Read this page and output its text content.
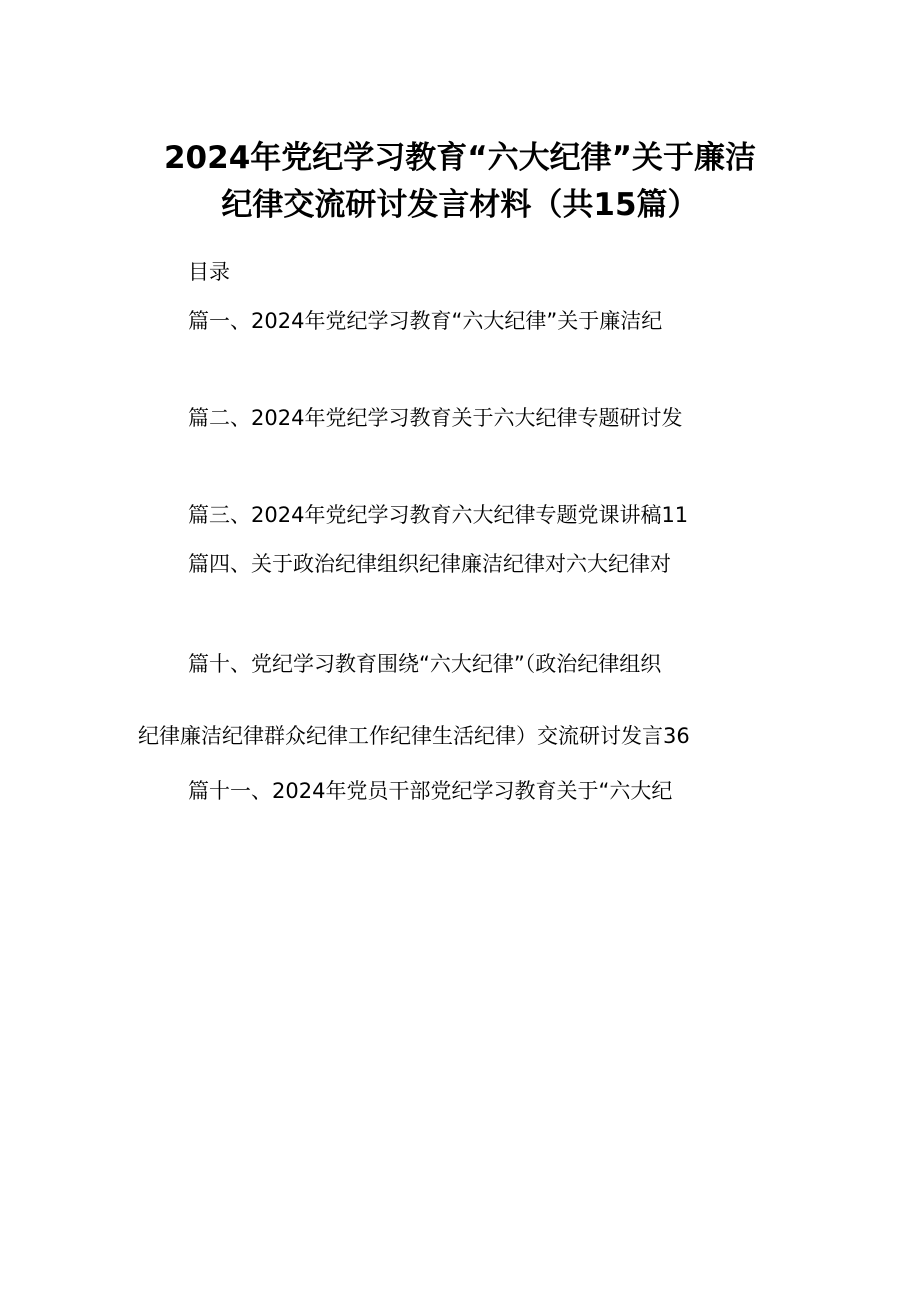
2024年党纪学习教育“六大纪律”关于廉洁
纪律交流研讨发言材料（共15篇）
目录
篇一、2024年党纪学习教育“六大纪律”关于廉洁纪
篇二、2024年党纪学习教育关于六大纪律专题研讨发
篇三、2024年党纪学习教育六大纪律专题党课讲稿11
篇四、关于政治纪律组织纪律廉洁纪律对六大纪律对
篇十、党纪学习教育围绕“六大纪律”（政治纪律组织
纪律廉洁纪律群众纪律工作纪律生活纪律）交流研讨发言36
篇十一、2024年党员干部党纪学习教育关于“六大纪
